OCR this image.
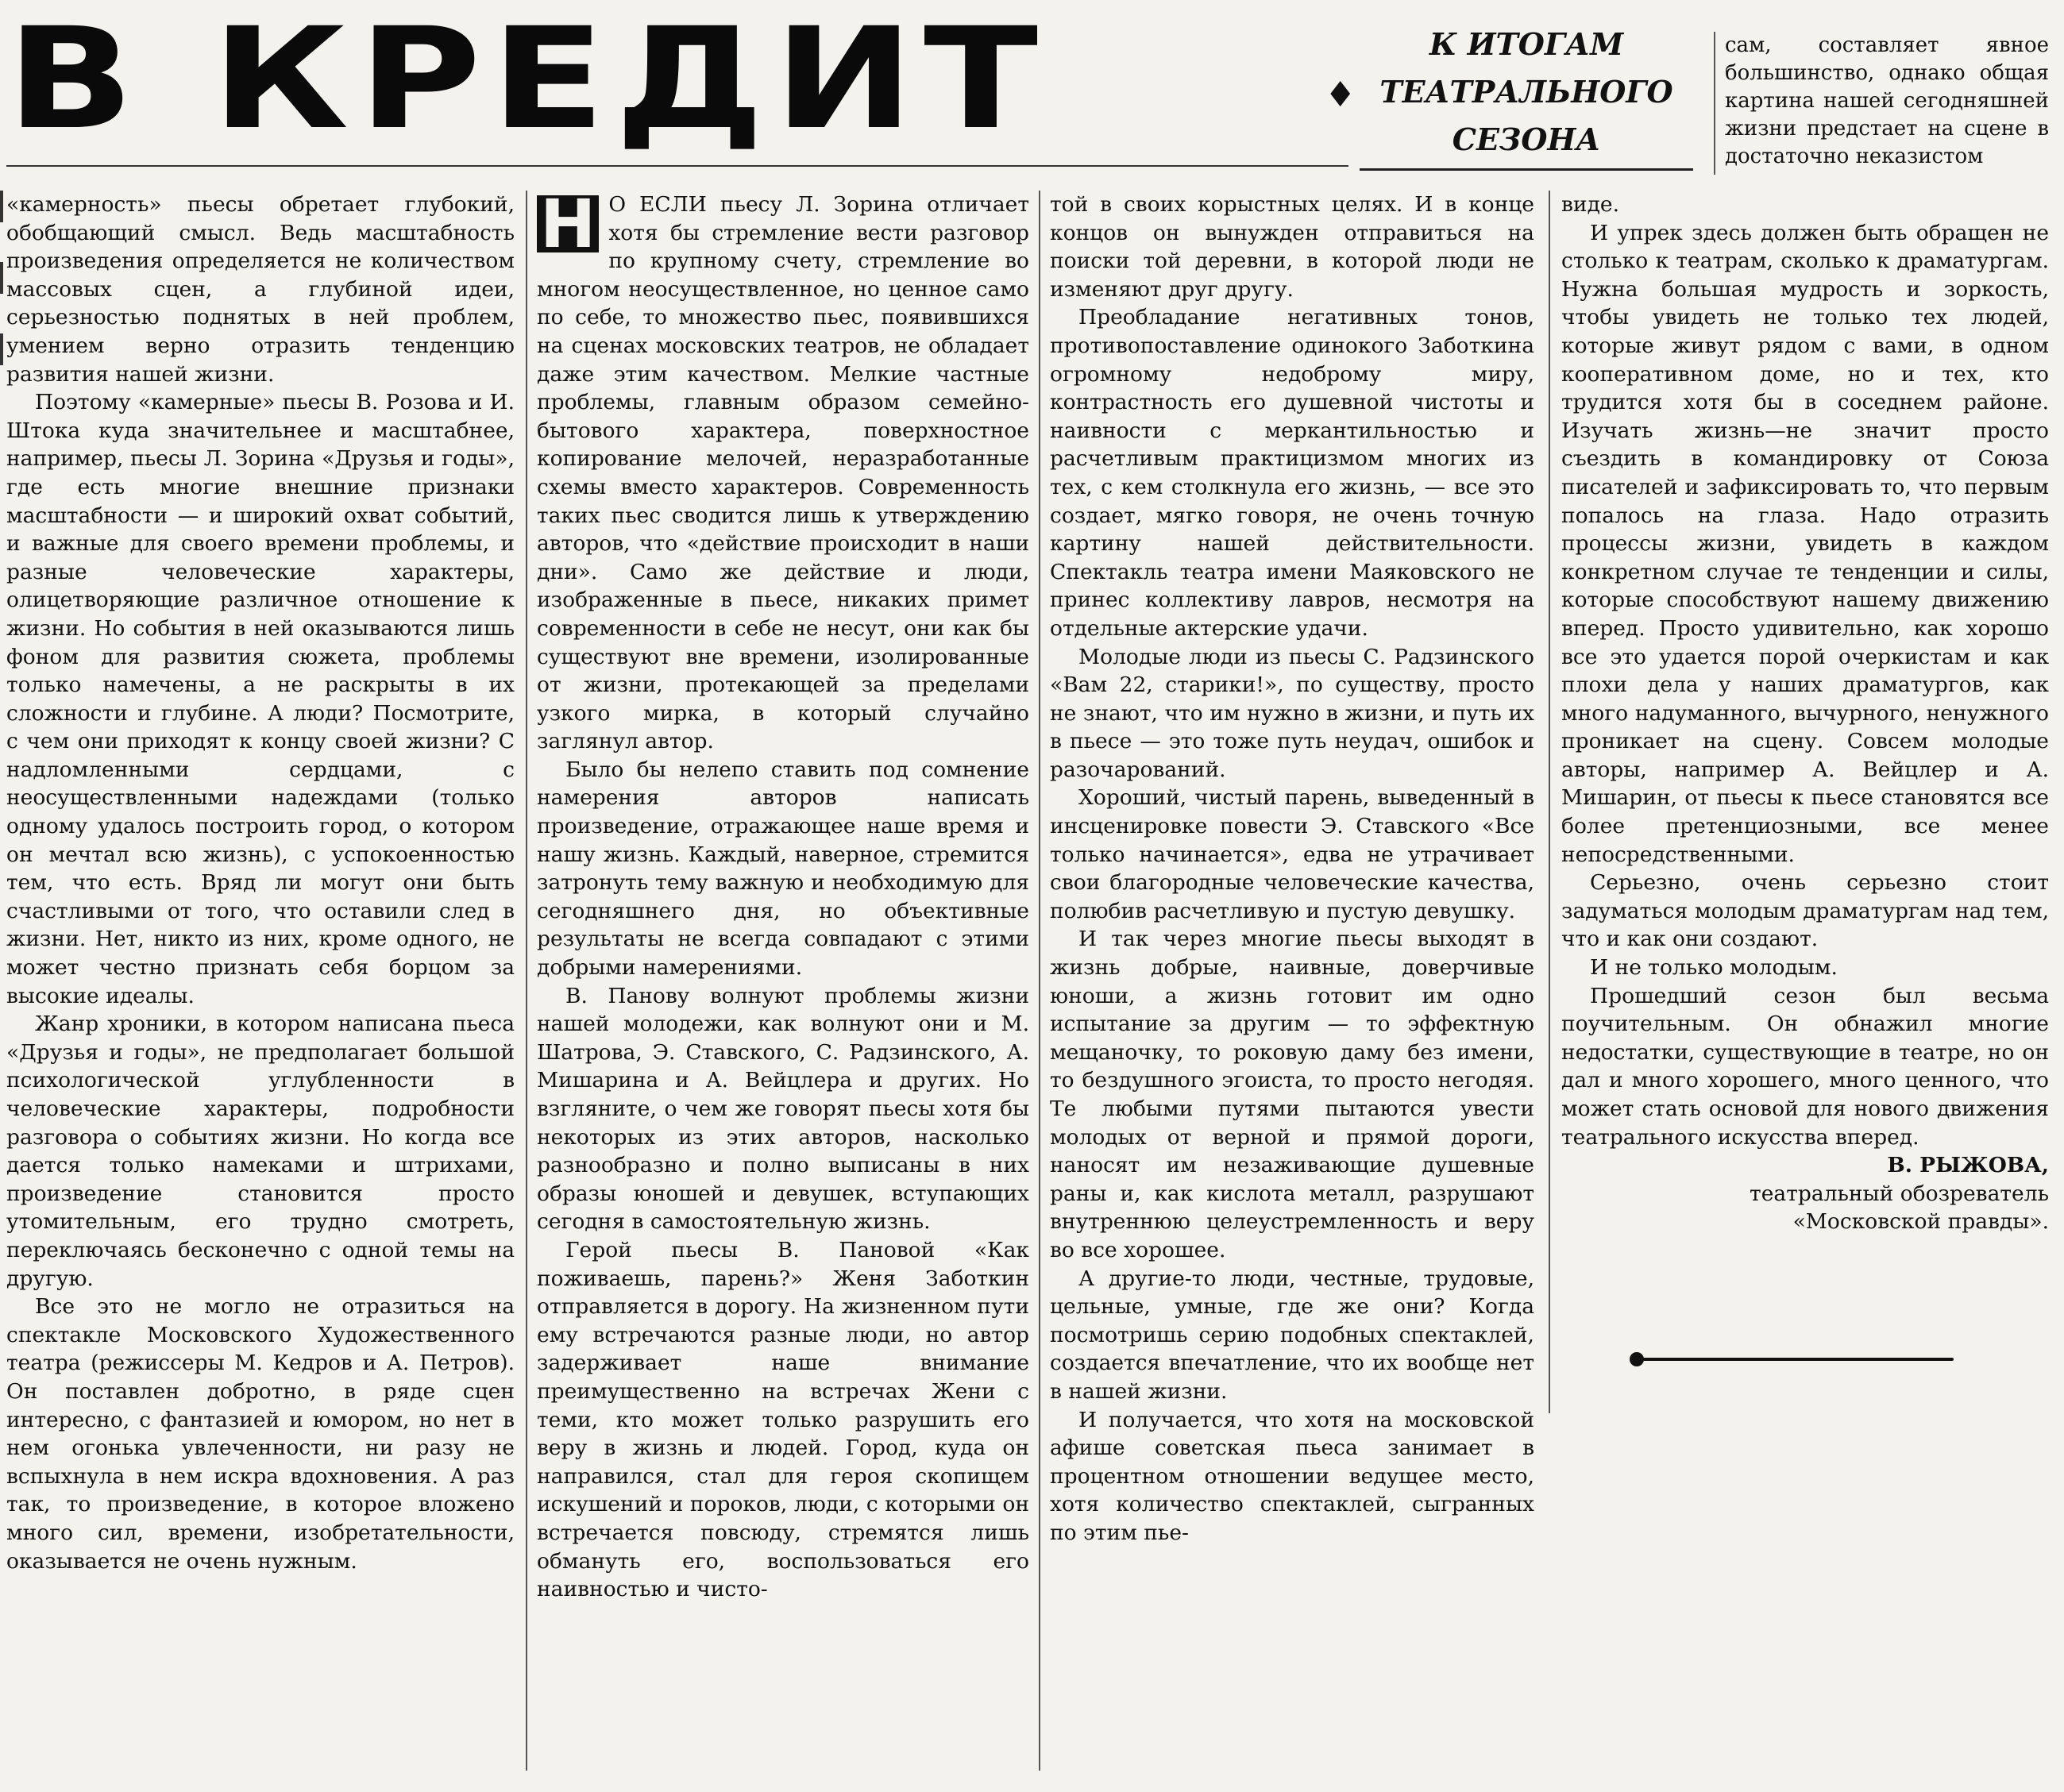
В КРЕДИТ	♦
К ИТОГАМ
ТЕАТРАЛЬНОГО
СЕЗОНА

сам, составляет явное большинство, однако общая картина нашей сегодняшней жизни предстает на сцене в достаточно неказистом

«камерность» пьесы обретает глубокий, обобщающий смысл. Ведь масштабность произведения определяется не количеством массовых сцен, а глубиной идеи, серьезностью поднятых в ней проблем, умением верно отразить тенденцию развития нашей жизни.

Поэтому «камерные» пьесы В. Розова и И. Штока куда значительнее и масштабнее, например, пьесы Л. Зорина «Друзья и годы», где есть многие внешние признаки масштабности — и широкий охват событий, и важные для своего времени проблемы, и разные человеческие характеры, олицетворяющие различное отношение к жизни. Но события в ней оказываются лишь фоном для развития сюжета, проблемы только намечены, а не раскрыты в их сложности и глубине. А люди? Посмотрите, с чем они приходят к концу своей жизни? С надломленными сердцами, с неосуществленными надеждами (только одному удалось построить город, о котором он мечтал всю жизнь), с успокоенностью тем, что есть. Вряд ли могут они быть счастливыми от того, что оставили след в жизни. Нет, никто из них, кроме одного, не может честно признать себя борцом за высокие идеалы.

Жанр хроники, в котором написана пьеса «Друзья и годы», не предполагает большой психологической углубленности в человеческие характеры, подробности разговора о событиях жизни. Но когда все дается только намеками и штрихами, произведение становится просто утомительным, его трудно смотреть, переключаясь бесконечно с одной темы на другую.

Все это не могло не отразиться на спектакле Московского Художественного театра (режиссеры М. Кедров и А. Петров). Он поставлен добротно, в ряде сцен интересно, с фантазией и юмором, но нет в нем огонька увлеченности, ни разу не вспыхнула в нем искра вдохновения. А раз так, то произведение, в которое вложено много сил, времени, изобретательности, оказывается не очень нужным.

Н О ЕСЛИ пьесу Л. Зорина отличает хотя бы стремление вести разговор по крупному счету, стремление во многом неосуществленное, но ценное само по себе, то множество пьес, появившихся на сценах московских театров, не обладает даже этим качеством. Мелкие частные проблемы, главным образом семейно-бытового характера, поверхностное копирование мелочей, неразработанные схемы вместо характеров. Современность таких пьес сводится лишь к утверждению авторов, что «действие происходит в наши дни». Само же действие и люди, изображенные в пьесе, никаких примет современности в себе не несут, они как бы существуют вне времени, изолированные от жизни, протекающей за пределами узкого мирка, в который случайно заглянул автор.

Было бы нелепо ставить под сомнение намерения авторов написать произведение, отражающее наше время и нашу жизнь. Каждый, наверное, стремится затронуть тему важную и необходимую для сегодняшнего дня, но объективные результаты не всегда совпадают с этими добрыми намерениями.

В. Панову волнуют проблемы жизни нашей молодежи, как волнуют они и М. Шатрова, Э. Ставского, С. Радзинского, А. Мишарина и А. Вейцлера и других. Но взгляните, о чем же говорят пьесы хотя бы некоторых из этих авторов, насколько разнообразно и полно выписаны в них образы юношей и девушек, вступающих сегодня в самостоятельную жизнь.

Герой пьесы В. Пановой «Как поживаешь, парень?» Женя Заботкин отправляется в дорогу. На жизненном пути ему встречаются разные люди, но автор задерживает наше внимание преимущественно на встречах Жени с теми, кто может только разрушить его веру в жизнь и людей. Город, куда он направился, стал для героя скопищем искушений и пороков, люди, с которыми он встречается повсюду, стремятся лишь обмануть его, воспользоваться его наивностью и чисто-

той в своих корыстных целях. И в конце концов он вынужден отправиться на поиски той деревни, в которой люди не изменяют друг другу.

Преобладание негативных тонов, противопоставление одинокого Заботкина огромному недоброму миру, контрастность его душевной чистоты и наивности с меркантильностью и расчетливым практицизмом многих из тех, с кем столкнула его жизнь, — все это создает, мягко говоря, не очень точную картину нашей действительности. Спектакль театра имени Маяковского не принес коллективу лавров, несмотря на отдельные актерские удачи.

Молодые люди из пьесы С. Радзинского «Вам 22, старики!», по существу, просто не знают, что им нужно в жизни, и путь их в пьесе — это тоже путь неудач, ошибок и разочарований.

Хороший, чистый парень, выведенный в инсценировке повести Э. Ставского «Все только начинается», едва не утрачивает свои благородные человеческие качества, полюбив расчетливую и пустую девушку.

И так через многие пьесы выходят в жизнь добрые, наивные, доверчивые юноши, а жизнь готовит им одно испытание за другим — то эффектную мещаночку, то роковую даму без имени, то бездушного эгоиста, то просто негодяя. Те любыми путями пытаются увести молодых от верной и прямой дороги, наносят им незаживающие душевные раны и, как кислота металл, разрушают внутреннюю целеустремленность и веру во все хорошее.

А другие-то люди, честные, трудовые, цельные, умные, где же они? Когда посмотришь серию подобных спектаклей, создается впечатление, что их вообще нет в нашей жизни.

И получается, что хотя на московской афише советская пьеса занимает в процентном отношении ведущее место, хотя количество спектаклей, сыгранных по этим пье-

виде.

И упрек здесь должен быть обращен не столько к театрам, сколько к драматургам. Нужна большая мудрость и зоркость, чтобы увидеть не только тех людей, которые живут рядом с вами, в одном кооперативном доме, но и тех, кто трудится хотя бы в соседнем районе. Изучать жизнь—не значит просто съездить в командировку от Союза писателей и зафиксировать то, что первым попалось на глаза. Надо отразить процессы жизни, увидеть в каждом конкретном случае те тенденции и силы, которые способствуют нашему движению вперед. Просто удивительно, как хорошо все это удается порой очеркистам и как плохи дела у наших драматургов, как много надуманного, вычурного, ненужного проникает на сцену. Совсем молодые авторы, например А. Вейцлер и А. Мишарин, от пьесы к пьесе становятся все более претенциозными, все менее непосредственными.

Серьезно, очень серьезно стоит задуматься молодым драматургам над тем, что и как они создают.

И не только молодым.

Прошедший сезон был весьма поучительным. Он обнажил многие недостатки, существующие в театре, но он дал и много хорошего, много ценного, что может стать основой для нового движения театрального искусства вперед.

В. РЫЖОВА,

театральный обозреватель

«Московской правды».
